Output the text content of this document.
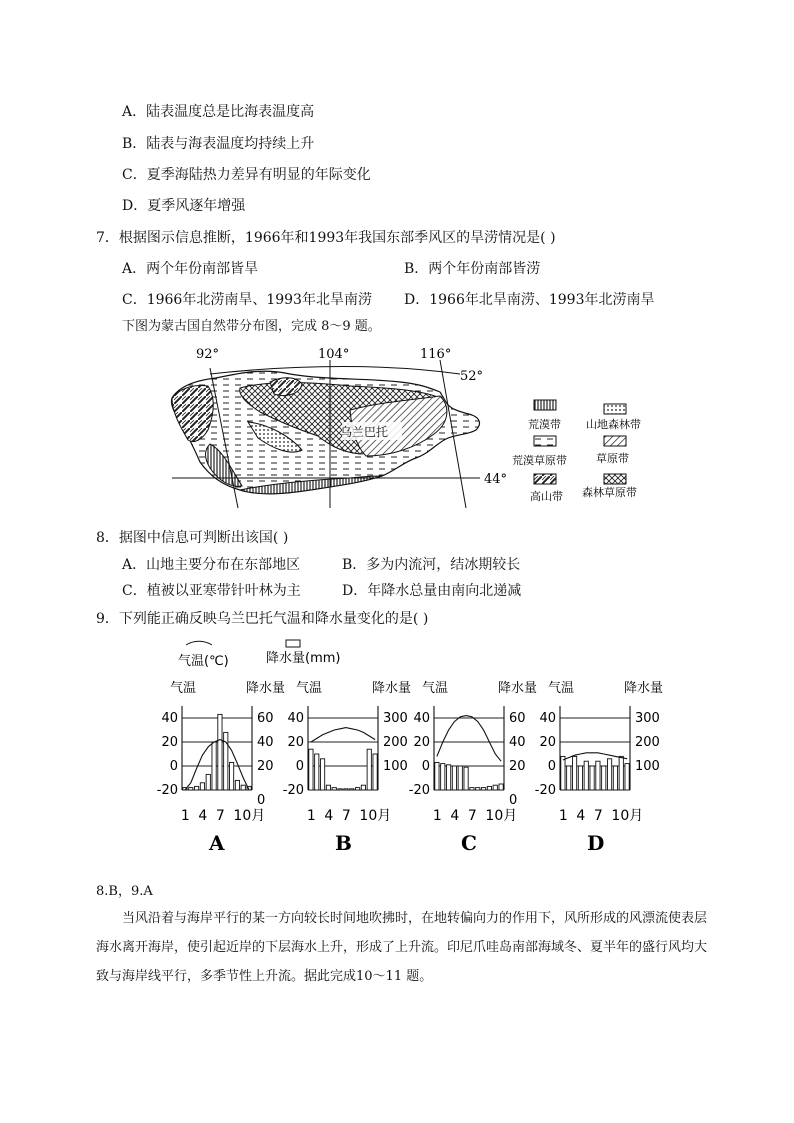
A．陆表温度总是比海表温度高
B．陆表与海表温度均持续上升
C．夏季海陆热力差异有明显的年际变化
D．夏季风逐年增强
7．根据图示信息推断，1966年和1993年我国东部季风区的旱涝情况是( )
A．两个年份南部皆旱	B．两个年份南部皆涝
C．1966年北涝南旱、1993年北旱南涝 D．1966年北旱南涝、1993年北涝南旱
下图为蒙古国自然带分布图，完成 8～9 题。
乌兰巴托
92°	104°	116°
52°
44°
荒漠带 山地森林带
荒漠草原带	草原带
高山带 森林草原带
8．据图中信息可判断出该国( )
A．山地主要分布在东部地区	B．多为内流河，结冰期较长
C．植被以亚寒带针叶林为主	D．年降水总量由南向北递减
9．下列能正确反映乌兰巴托气温和降水量变化的是( )
气温(℃)	降水量(mm)
气温	降水量
40
20
0
-20
60
40
20
0
1 4 7 10月
A
气温	降水量
40
20
0
-20
300
200
100
1 4 7 10月
B
气温	降水量
40
20
0
-20
60
40
20
0
1 4 7 10月
C
气温	降水量
40
20
0
-20
300
200
100
1 4 7 10月
D
8.B，9.A
当风沿着与海岸平行的某一方向较长时间地吹拂时，在地转偏向力的作用下，风所形成的风漂流使表层海水离开海岸，使引起近岸的下层海水上升，形成了上升流。印尼爪哇岛南部海域冬、夏半年的盛行风均大致与海岸线平行，多季节性上升流。据此完成10～11 题。
